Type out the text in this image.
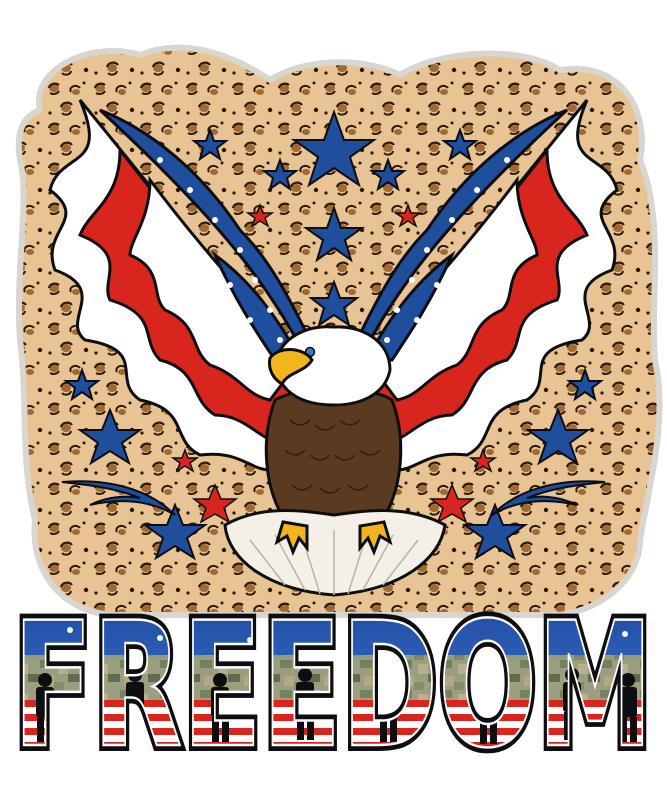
FREEDOM
